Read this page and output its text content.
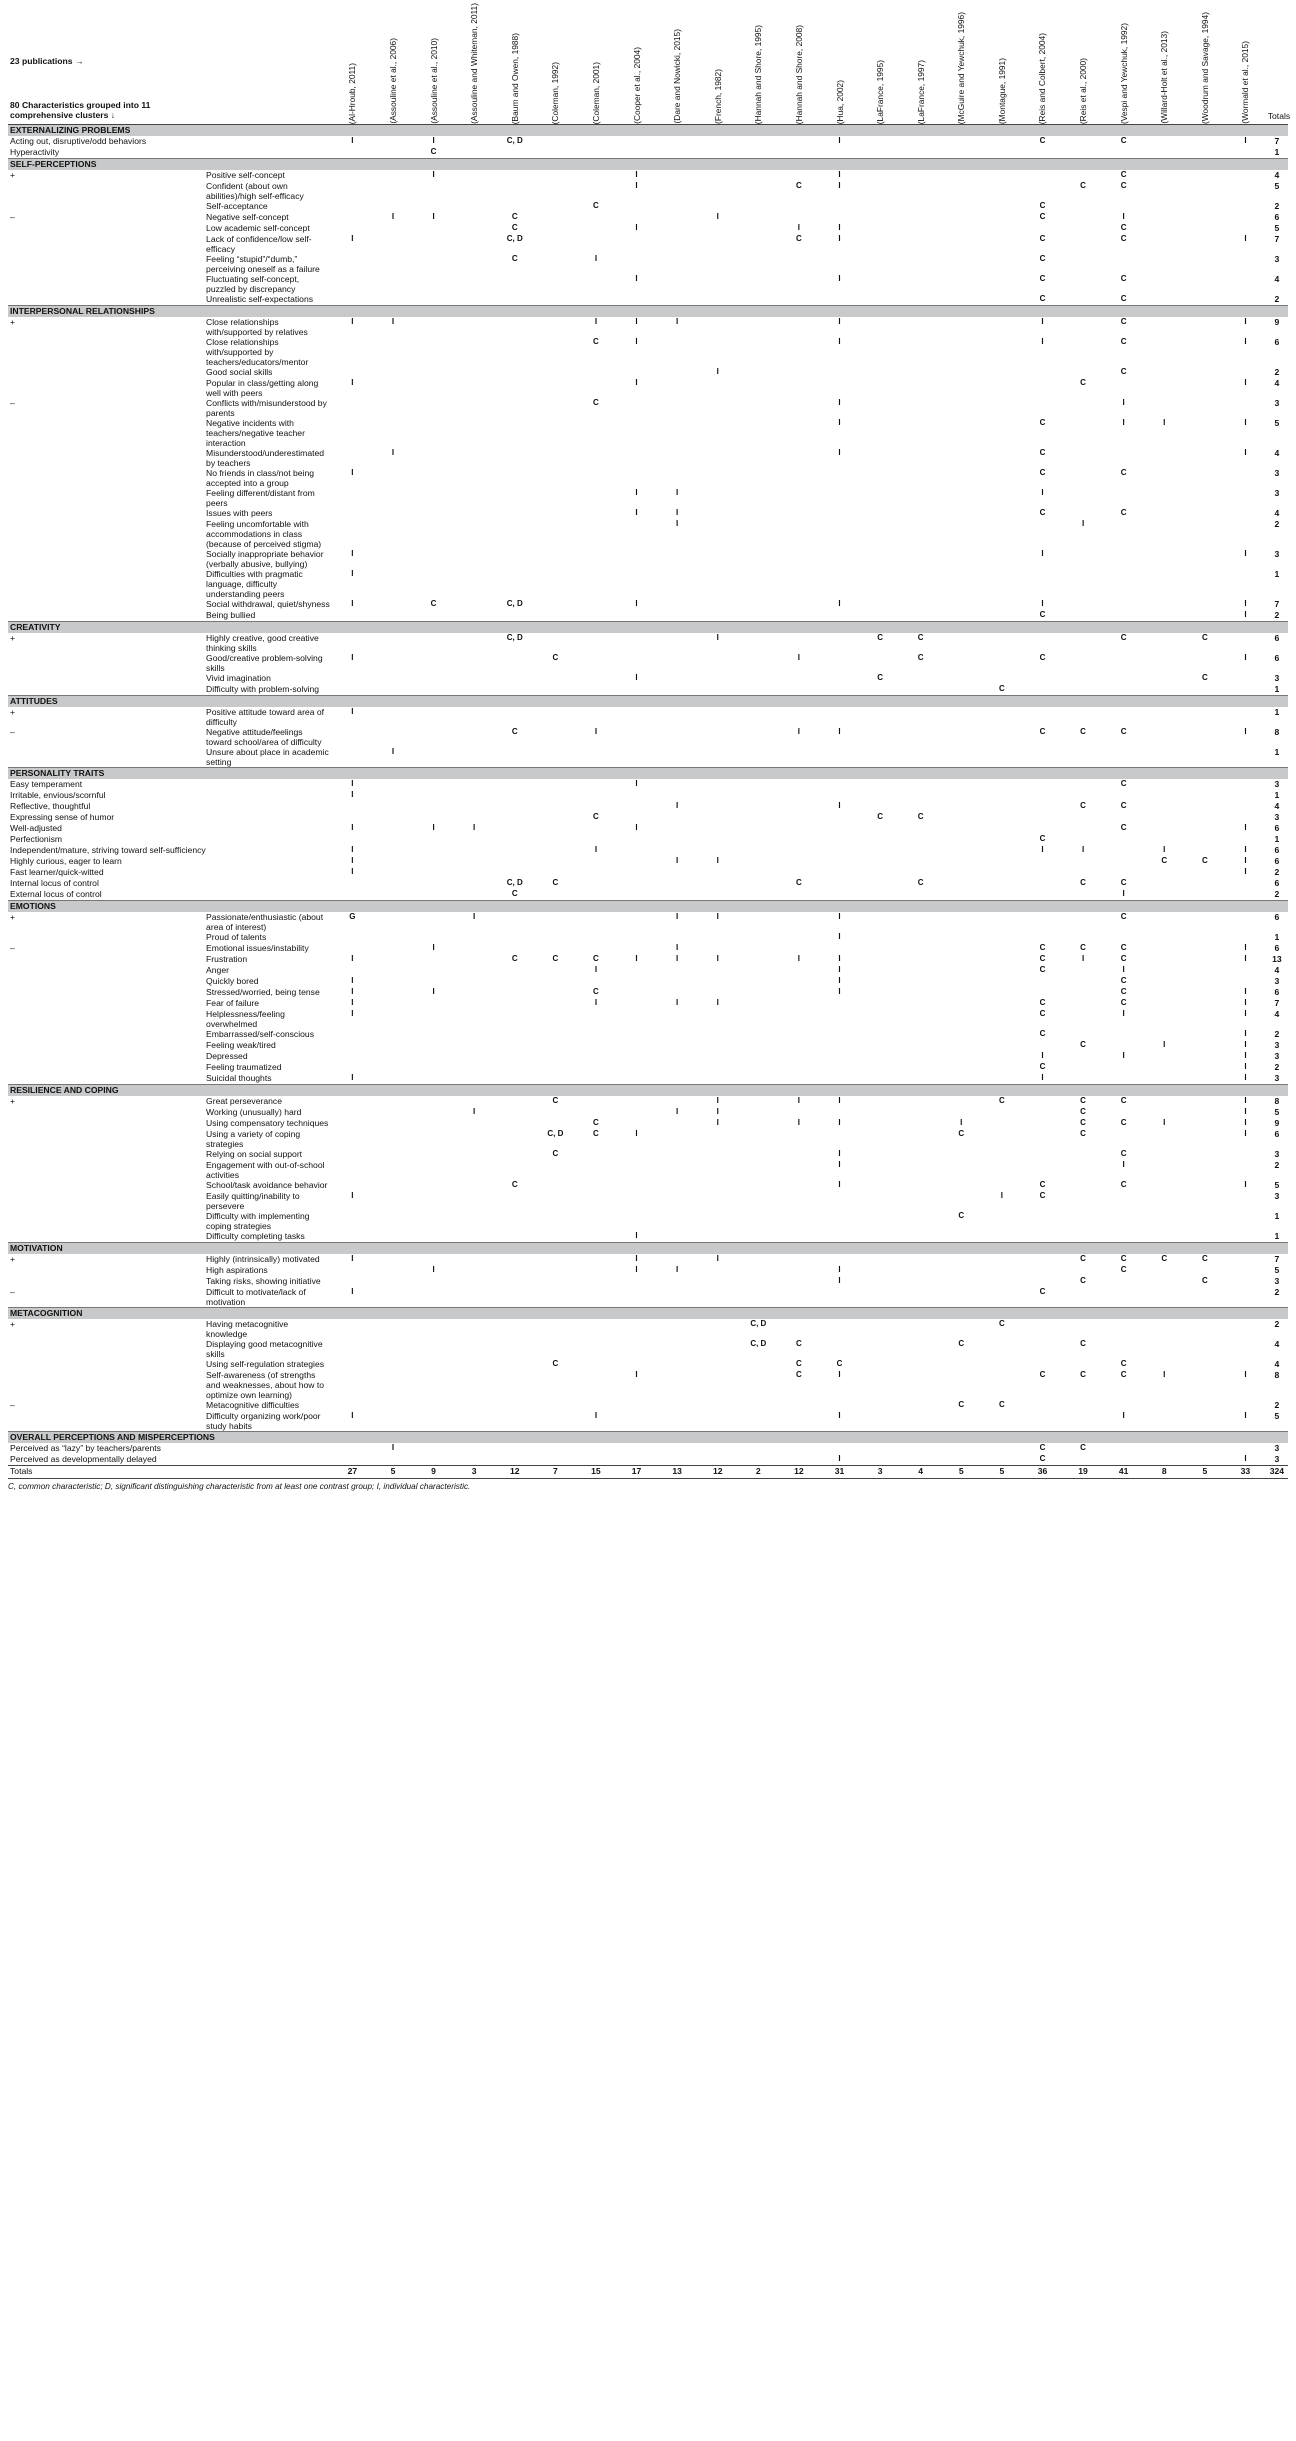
23 publications →
80 Characteristics grouped into 11 comprehensive clusters ↓		(Al-Hroub, 2011)	(Assouline et al., 2006)	(Assouline et al., 2010)	(Assouline and Whiteman, 2011)	(Baum and Owen, 1988)	(Coleman, 1992)	(Coleman, 2001)	(Cooper et al., 2004)	(Dare and Nowicki, 2015)	(French, 1982)	(Hannah and Shore, 1995)	(Hannah and Shore, 2008)	(Hua, 2002)	(LaFrance, 1995)	(LaFrance, 1997)	(McGuire and Yewchuk, 1996)	(Montague, 1991)	(Reis and Colbert, 2004)	(Reis et al., 2000)	(Vespi and Yewchuk, 1992)	(Willard-Holt et al., 2013)	(Woodrum and Savage, 1994)	(Wormald et al., 2015)	Totals
EXTERNALIZING PROBLEMS																									
Acting out, disruptive/odd behaviors		I		I		C, D								I					C		C			I	7
Hyperactivity				C																					1
SELF-PERCEPTIONS																									
+	Positive self-concept			I					I					I							C				4
	Confident (about own abilities)/high self-efficacy								I				C	I						C	C				5
	Self-acceptance							C											C						2
–	Negative self-concept		I	I		C					I								C		I				6
	Low academic self-concept					C			I				I	I							C				5
	Lack of confidence/low self-efficacy	I				C, D							C	I					C		C			I	7
	Feeling “stupid”/“dumb,” perceiving oneself as a failure					C		I											C						3
	Fluctuating self-concept, puzzled by discrepancy								I					I					C		C				4
	Unrealistic self-expectations																		C		C				2
INTERPERSONAL RELATIONSHIPS																									
+	Close relationships with/supported by relatives	I	I					I	I	I				I					I		C			I	9
	Close relationships with/supported by teachers/educators/mentor							C	I					I					I		C			I	6
	Good social skills										I										C				2
	Popular in class/getting along well with peers	I							I											C				I	4
–	Conflicts with/misunderstood by parents							C						I							I				3
	Negative incidents with teachers/negative teacher interaction													I					C		I	I		I	5
	Misunderstood/underestimated by teachers		I											I					C					I	4
	No friends in class/not being accepted into a group	I																	C		C				3
	Feeling different/distant from peers								I	I									I						3
	Issues with peers								I	I									C		C				4
	Feeling uncomfortable with accommodations in class (because of perceived stigma)									I										I					2
	Socially inappropriate behavior (verbally abusive, bullying)	I																	I					I	3
	Difficulties with pragmatic language, difficulty understanding peers	I																							1
	Social withdrawal, quiet/shyness	I		C		C, D			I					I					I					I	7
	Being bullied																		C					I	2
CREATIVITY																									
+	Highly creative, good creative thinking skills					C, D					I				C	C					C		C		6
	Good/creative problem-solving skills	I					C						I			C			C					I	6
	Vivid imagination								I						C								C		3
	Difficulty with problem-solving																	C							1
ATTITUDES																									
+	Positive attitude toward area of difficulty	I																							1
–	Negative attitude/feelings toward school/area of difficulty					C		I					I	I					C	C	C			I	8
	Unsure about place in academic setting		I																						1
PERSONALITY TRAITS																									
Easy temperament		I							I												C				3
Irritable, envious/scornful		I																							1
Reflective, thoughtful										I				I						C	C				4
Expressing sense of humor								C							C	C									3
Well-adjusted		I		I	I				I												C			I	6
Perfectionism																			C						1
Independent/mature, striving toward self-sufficiency		I						I											I	I		I		I	6
Highly curious, eager to learn		I								I	I											C	C	I	6
Fast learner/quick-witted		I																						I	2
Internal locus of control						C, D	C						C			C				C	C				6
External locus of control						C															I				2
EMOTIONS																									
+	Passionate/enthusiastic (about area of interest)	G			I					I	I			I							C				6
	Proud of talents													I											1
–	Emotional issues/instability			I						I									C	C	C			I	6
	Frustration	I				C	C	C	I	I	I		I	I					C	I	C			I	13
	Anger							I						I					C		I				4
	Quickly bored	I												I							C				3
	Stressed/worried, being tense	I		I				C						I							C			I	6
	Fear of failure	I						I		I	I								C		C			I	7
	Helplessness/feeling overwhelmed	I																	C		I			I	4
	Embarrassed/self-conscious																		C					I	2
	Feeling weak/tired																			C		I		I	3
	Depressed																		I		I			I	3
	Feeling traumatized																		C					I	2
	Suicidal thoughts	I																	I					I	3
RESILIENCE AND COPING																									
+	Great perseverance						C				I		I	I				C		C	C			I	8
	Working (unusually) hard				I					I	I									C				I	5
	Using compensatory techniques							C			I		I	I			I			C	C	I		I	9
	Using a variety of coping strategies						C, D	C	I								C			C				I	6
	Relying on social support						C							I							C				3
	Engagement with out-of-school activities													I							I				2
	School/task avoidance behavior					C								I					C		C			I	5
	Easily quitting/inability to persevere	I																I	C						3
	Difficulty with implementing coping strategies																C								1
	Difficulty completing tasks								I																1
MOTIVATION																									
+	Highly (intrinsically) motivated	I							I		I									C	C	C	C		7
	High aspirations			I					I	I				I							C				5
	Taking risks, showing initiative													I						C			C		3
–	Difficult to motivate/lack of motivation	I																	C						2
METACOGNITION																									
+	Having metacognitive knowledge											C, D						C							2
	Displaying good metacognitive skills											C, D	C				C			C					4
	Using self-regulation strategies						C						C	C							C				4
	Self-awareness (of strengths and weaknesses, about how to optimize own learning)								I				C	I					C	C	C	I		I	8
–	Metacognitive difficulties																C	C							2
	Difficulty organizing work/poor study habits	I						I						I							I			I	5
OVERALL PERCEPTIONS AND MISPERCEPTIONS																									
Perceived as “lazy” by teachers/parents			I																C	C					3
Perceived as developmentally delayed														I					C					I	3
Totals		27	5	9	3	12	7	15	17	13	12	2	12	31	3	4	5	5	36	19	41	8	5	33	324
C, common characteristic; D, significant distinguishing characteristic from at least one contrast group; I, individual characteristic.
